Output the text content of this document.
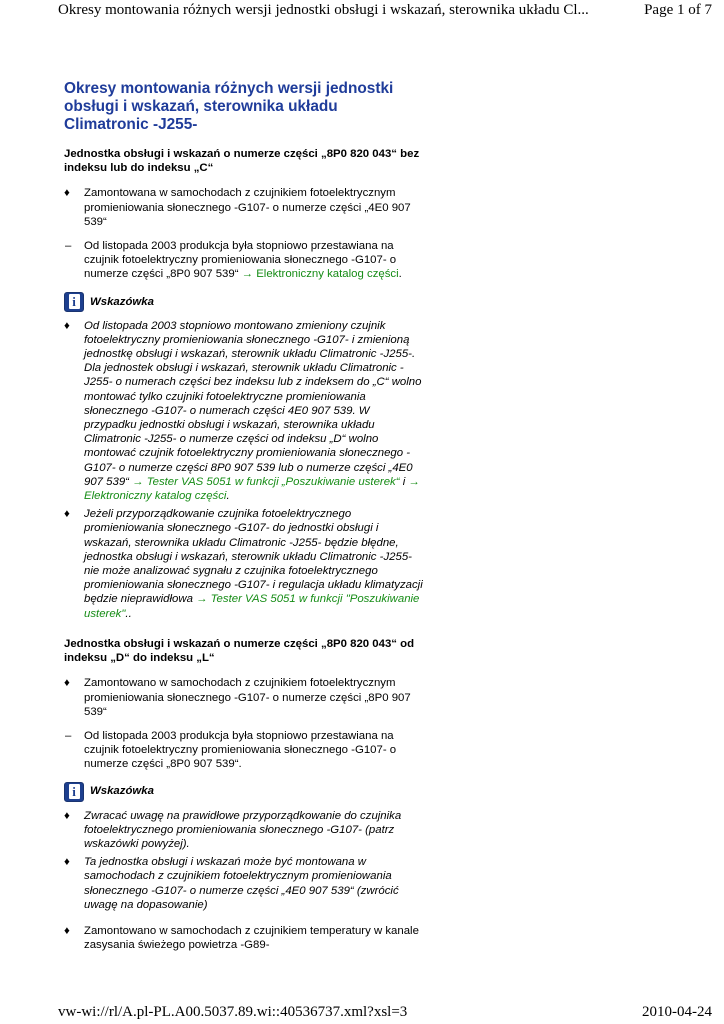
Okresy montowania różnych wersji jednostki obsługi i wskazań, sterownika układu Cl...	Page 1 of 7
Okresy montowania różnych wersji jednostki obsługi i wskazań, sterownika układu Climatronic -J255-
Jednostka obsługi i wskazań o numerze części „8P0 820 043“ bez indeksu lub do indeksu „C“
♦ Zamontowana w samochodach z czujnikiem fotoelektrycznym promieniowania słonecznego -G107- o numerze części „4E0 907 539“
– Od listopada 2003 produkcja była stopniowo przestawiana na czujnik fotoelektryczny promieniowania słonecznego -G107- o numerze części „8P0 907 539“ → Elektroniczny katalog części.
i	Wskazówka
♦ Od listopada 2003 stopniowo montowano zmieniony czujnik fotoelektryczny promieniowania słonecznego -G107- i zmienioną jednostkę obsługi i wskazań, sterownik układu Climatronic -J255-. Dla jednostek obsługi i wskazań, sterownik układu Climatronic -J255- o numerach części bez indeksu lub z indeksem do „C“ wolno montować tylko czujniki fotoelektryczne promieniowania słonecznego -G107- o numerach części 4E0 907 539. W przypadku jednostki obsługi i wskazań, sterownika układu Climatronic -J255- o numerze części od indeksu „D“ wolno montować czujnik fotoelektryczny promieniowania słonecznego -G107- o numerze części 8P0 907 539 lub o numerze części „4E0 907 539“ → Tester VAS 5051 w funkcji „Poszukiwanie usterek“ i → Elektroniczny katalog części.
♦ Jeżeli przyporządkowanie czujnika fotoelektrycznego promieniowania słonecznego -G107- do jednostki obsługi i wskazań, sterownika układu Climatronic -J255- będzie błędne, jednostka obsługi i wskazań, sterownik układu Climatronic -J255- nie może analizować sygnału z czujnika fotoelektrycznego promieniowania słonecznego -G107- i regulacja układu klimatyzacji będzie nieprawidłowa → Tester VAS 5051 w funkcji "Poszukiwanie usterek"..
Jednostka obsługi i wskazań o numerze części „8P0 820 043“ od indeksu „D“ do indeksu „L“
♦ Zamontowano w samochodach z czujnikiem fotoelektrycznym promieniowania słonecznego -G107- o numerze części „8P0 907 539“
– Od listopada 2003 produkcja była stopniowo przestawiana na czujnik fotoelektryczny promieniowania słonecznego -G107- o numerze części „8P0 907 539“.
i	Wskazówka
♦ Zwracać uwagę na prawidłowe przyporządkowanie do czujnika fotoelektrycznego promieniowania słonecznego -G107- (patrz wskazówki powyżej).
♦ Ta jednostka obsługi i wskazań może być montowana w samochodach z czujnikiem fotoelektrycznym promieniowania słonecznego -G107- o numerze części „4E0 907 539“ (zwrócić uwagę na dopasowanie)
♦ Zamontowano w samochodach z czujnikiem temperatury w kanale zasysania świeżego powietrza -G89-
vw-wi://rl/A.pl-PL.A00.5037.89.wi::40536737.xml?xsl=3	2010-04-24
